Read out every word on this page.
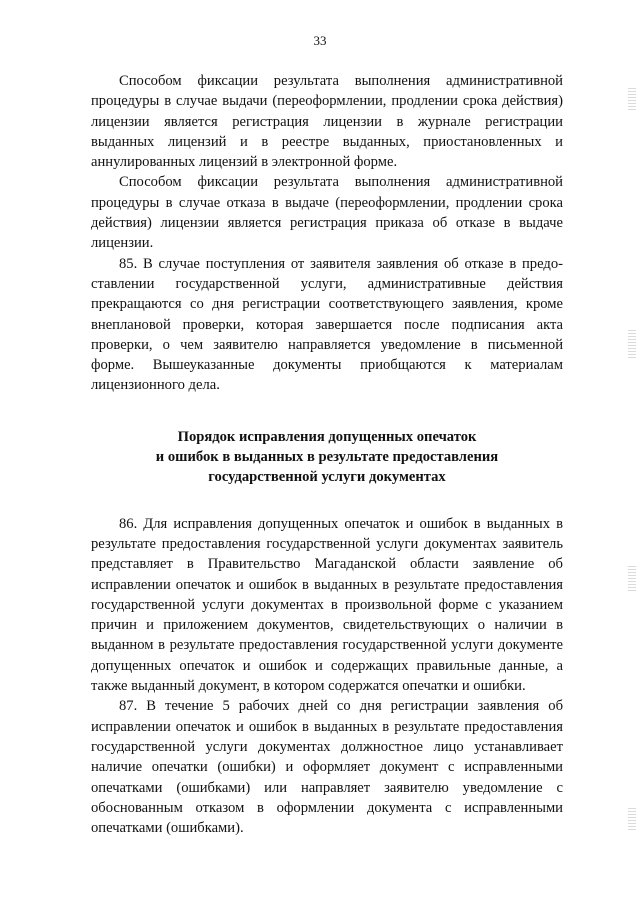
33

Способом фиксации результата выполнения административной процедуры в случае выдачи (переоформлении, продлении срока действия) лицензии является регистрация лицензии в журнале регистрации выданных лицензий и в реестре выданных, приостановленных и аннулированных лицензий в электронной форме.

Способом фиксации результата выполнения административной процедуры в случае отказа в выдаче (переоформлении, продлении срока действия) лицензии является регистрация приказа об отказе в выдаче лицензии.

85. В случае поступления от заявителя заявления об отказе в предоставлении государственной услуги, административные действия прекращаются со дня регистрации соответствующего заявления, кроме внеплановой проверки, которая завершается после подписания акта проверки, о чем заявителю направляется уведомление в письменной форме. Вышеуказанные документы приобщаются к материалам лицензионного дела.

Порядок исправления допущенных опечаток
и ошибок в выданных в результате предоставления
государственной услуги документах

86. Для исправления допущенных опечаток и ошибок в выданных в результате предоставления государственной услуги документах заявитель представляет в Правительство Магаданской области заявление об исправлении опечаток и ошибок в выданных в результате предоставления государственной услуги документах в произвольной форме с указанием причин и приложением документов, свидетельствующих о наличии в выданном в результате предоставления государственной услуги документе допущенных опечаток и ошибок и содержащих правильные данные, а также выданный документ, в котором содержатся опечатки и ошибки.

87. В течение 5 рабочих дней со дня регистрации заявления об исправлении опечаток и ошибок в выданных в результате предоставления государственной услуги документах должностное лицо устанавливает наличие опечатки (ошибки) и оформляет документ с исправленными опечатками (ошибками) или направляет заявителю уведомление с обоснованным отказом в оформлении документа с исправленными опечатками (ошибками).
